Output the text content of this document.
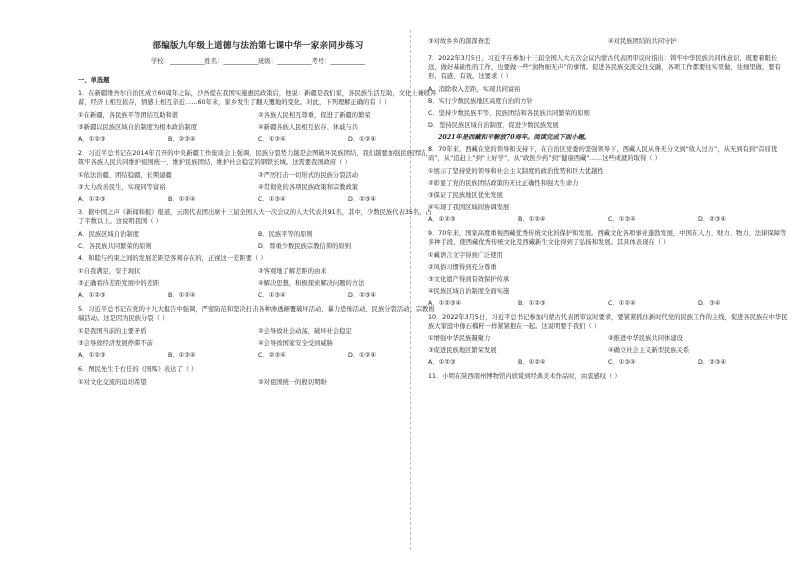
部编版九年级上道德与法治第七课中华一家亲同步练习
学校：___________姓名：___________班级：___________考号：___________
一、单选题
1．在新疆维吾尔自治区成立60周年之际，沙吾提在我国实施惠民政策后，他说：新疆是我们家，各民族生活互助，文化上兼收并蓄，经济上相互依存，情感上相互亲近……60年来，家乡发生了翻天覆地的变化。对此，下列理解正确的有（ ）
①在新疆，各民族平等团结互助和谐	②各族人民相互尊重，促进了新疆的繁荣
③新疆以民族区域自治制度为根本政治制度	④新疆各族人民相互依存、休戚与共
A．①②③	B．②③④	C．①③④	D．①②④
2．习近平总书记在2014年召开的中央新疆工作座谈会上强调，民族分裂势力越是企图破坏民族团结，我们越要加强民族团结，筑牢各族人民共同维护祖国统一、维护民族团结、维护社会稳定的钢铁长城。这需要我国政府（ ）
①依法治疆、团结稳疆，长期建疆	②严厉打击一切形式的民族分裂活动
③大力改善民生，实现同等富裕	④贯彻党的各项民族政策和宗教政策
A．①②③	B．①②④	C．①③④	D．②③④
3．据中国之声《新闻和报》报道，云南代表团出席十三届全国人大一次会议的人大代表共91名，其中，少数民族代表35名，占了半数以上。这说明我国（ ）
A．民族区域自治制度	B．民族平等的原则
C．各民族共同繁荣的原则	D．尊重少数民族宗教信仰的原则
4．和睦与约束之间的发展差距是客观存在的，正视这一差距要（ ）
①自我满足，安于现状	②客观地了解差距的由来
③正确看待差距发展中的差距	④解决思想，积极探索解决问题的方法
A．①②③	B．①②④	C．①③④	D．②③④
5．习近平总书记在党的十九大报告中强调，严密防范和坚决打击各种渗透颠覆破坏活动、暴力恐怖活动、民族分裂活动、宗教极端活动。这是因为民族分裂（ ）
①是我国当前的主要矛盾	②会导致社会动荡，破坏社会稳定
③会导致经济发展停滞不前	④会导致国家安全受到威胁
A．①②③	B．①③④	C．②③④	D．①②④
6．图民先生于右任的《国殇》表达了（ ）
①对文化交流的迫切希望	②对祖国统一的殷切期盼
③对故乡乡的深深眷恋	④对民族团结的共同守护
7．2022年3月5日，习近平在参加十三届全国人大五次会议内蒙古代表团审议时指出：铸牢中华民族共同体意识，既要着眼长远、做好基础性的工作，也要做一些“润物细无声”的事情。促进各民族交流交往交融，各项工作都要往实里做，往细里做，要有形、有感、有效。这要求（ ）
A．消除收入差距，实现共同富裕
B．实行少数民族地区高度自治的方针
C．坚持少数民族平等、民族团结和各民族共同繁荣的原则
D．坚持民族区域自治制度，促进少数民族发展
2021年是西藏和平解放70周年。阅读完成下面小题。
8．70年来，西藏在党的领导和支持下，在自治区党委的坚强领导下，西藏人民从身无分文到“收入过万”，从无到有到“首屈优码”，从“追赶上”到“上好学”，从“政医少药”到“健康西藏”……这些成就的取得（ ）
①展示了坚持党的领导和社会主义制度的政治优势和巨大优越性
②彰显了党的民族团结政策的无比正确性和强大生命力
③保证了民族地区优先发展
④实现了我国区域间协调发展
A．①②③	B．①②④	C．①③④	D．②③④
9．70年来，国家高度重视西藏优秀传统文化的保护和发展。西藏文化各项事业蓬勃发展，中国在人力、财力、物力、法律保障等多种手段，使西藏优秀传统文化及西藏新生文化得到了弘扬和发展。其具体表现在（ ）
①藏语言文字得到广泛使用
②风俗习惯得到充分尊重
③文化遗产得到有效保护传承
④民族区域自治制度全面实施
A．①②③④	B．①②③	C．①②④	D．③④
10．2022年3月5日，习近平总书记参加内蒙古代表团审议时要求，要紧紧抓住新时代党的民族工作的主线，促进各民族在中华民族大家庭中像石榴籽一样紧紧抱在一起。这说明要于我们（ ）
①增强中华民族凝聚力	②推进中华民族共同体建设
③促进民族地区繁荣发展	④确立社会主义新型民族关系
A．①②③	B．①②④	C．①③④	D．②③④
11．小明在陕西南州博物馆内欣赏到经典美术作品时，由衷感叹（ ）
